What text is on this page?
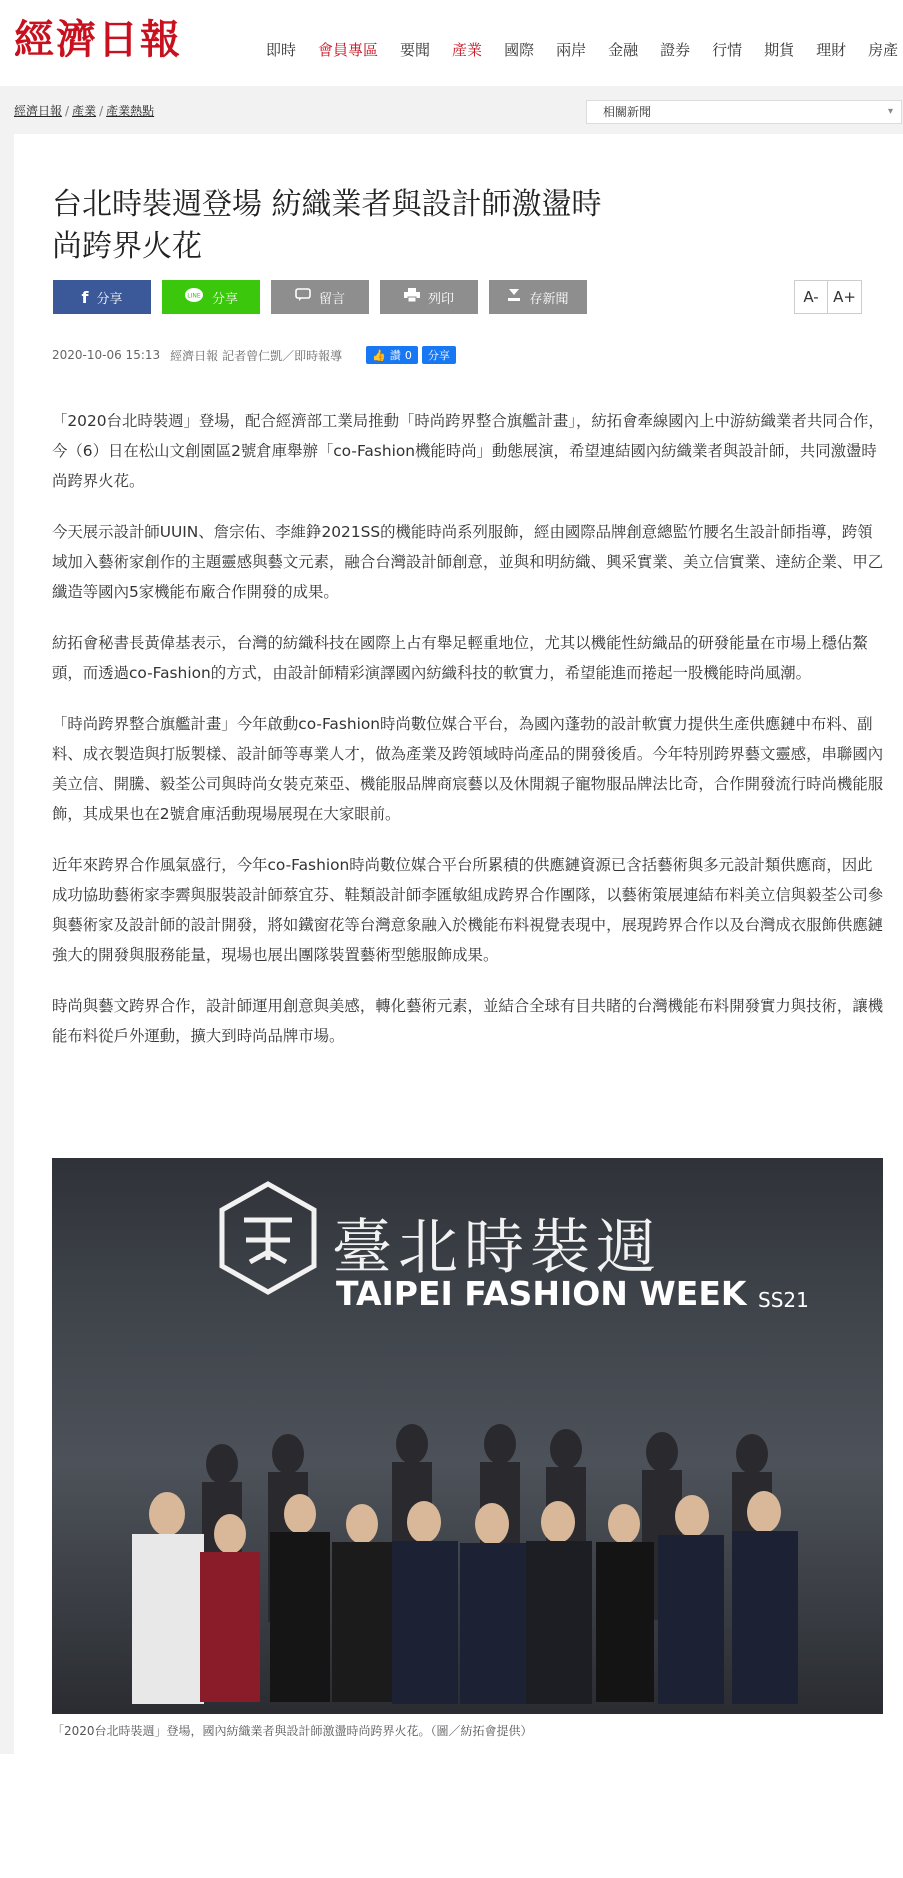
經濟日報	即時 會員專區 要聞 產業 國際 兩岸 金融 證券 行情 期貨 理財 房產
經濟日報 / 產業 / 產業熱點	相關新聞	▾
台北時裝週登場 紡織業者與設計師激盪時尚跨界火花
f 分享	LINE 分享	留言	列印	存新聞	A- A+
2020-10-06 15:13 經濟日報 記者曾仁凱／即時報導	👍 讚 0	分享

「2020台北時裝週」登場，配合經濟部工業局推動「時尚跨界整合旗艦計畫」，紡拓會牽線國內上中游紡織業者共同合作，今（6）日在松山文創園區2號倉庫舉辦「co-Fashion機能時尚」動態展演，希望連結國內紡織業者與設計師，共同激盪時尚跨界火花。

今天展示設計師UUIN、詹宗佑、李維錚2021SS的機能時尚系列服飾，經由國際品牌創意總監竹腰名生設計師指導，跨領域加入藝術家創作的主題靈感與藝文元素，融合台灣設計師創意，並與和明紡織、興采實業、美立信實業、達紡企業、甲乙纖造等國內5家機能布廠合作開發的成果。

紡拓會秘書長黃偉基表示，台灣的紡織科技在國際上占有舉足輕重地位，尤其以機能性紡織品的研發能量在市場上穩佔鰲頭，而透過co-Fashion的方式，由設計師精彩演譯國內紡織科技的軟實力，希望能進而捲起一股機能時尚風潮。

「時尚跨界整合旗艦計畫」今年啟動co-Fashion時尚數位媒合平台，為國內蓬勃的設計軟實力提供生產供應鏈中布料、副料、成衣製造與打版製樣、設計師等專業人才，做為產業及跨領域時尚產品的開發後盾。今年特別跨界藝文靈感，串聯國內美立信、開騰、毅荃公司與時尚女裝克萊亞、機能服品牌商宸藝以及休閒親子寵物服品牌法比奇，合作開發流行時尚機能服飾，其成果也在2號倉庫活動現場展現在大家眼前。

近年來跨界合作風氣盛行，今年co-Fashion時尚數位媒合平台所累積的供應鏈資源已含括藝術與多元設計類供應商，因此成功協助藝術家李霽與服裝設計師蔡宜芬、鞋類設計師李匯敏組成跨界合作團隊，以藝術策展連結布料美立信與毅荃公司參與藝術家及設計師的設計開發，將如鐵窗花等台灣意象融入於機能布料視覺表現中，展現跨界合作以及台灣成衣服飾供應鏈強大的開發與服務能量，現場也展出團隊裝置藝術型態服飾成果。

時尚與藝文跨界合作，設計師運用創意與美感，轉化藝術元素，並結合全球有目共睹的台灣機能布料開發實力與技術，讓機能布料從戶外運動，擴大到時尚品牌市場。

臺北時裝週
TAIPEI FASHION WEEK SS21
「2020台北時裝週」登場，國內紡織業者與設計師激盪時尚跨界火花。（圖／紡拓會提供）
